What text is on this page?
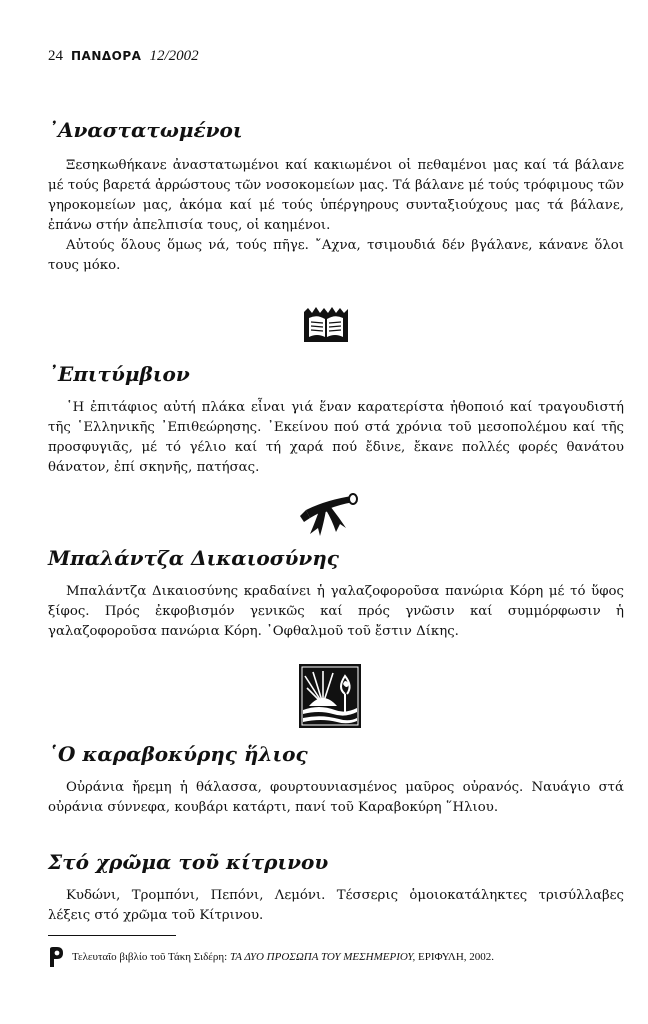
24 ΠΑΝΔΟΡΑ 12/2002
᾽Αναστατωμένοι

Ξεσηκωθήκανε ἀναστατωμένοι καί κακιωμένοι οἱ πεθαμένοι μας καί τά βάλανε μέ τούς βαρετά ἀρρώστους τῶν νοσοκομείων μας. Τά βάλανε μέ τούς τρόφιμους τῶν γηροκομείων μας, ἀκόμα καί μέ τούς ὑπέργηρους συνταξιούχους μας τά βάλανε, ἐπάνω στήν ἀπελπισία τους, οἱ καημένοι.

Αὐτούς ὅλους ὅμως νά, τούς πῆγε. ῎Αχνα, τσιμουδιά δέν βγάλανε, κάνανε ὅλοι τους μόκο.

᾽Επιτύμβιον

῾Η ἐπιτάφιος αὐτή πλάκα εἶναι γιά ἕναν καρατερίστα ἠθοποιό καί τραγουδιστή τῆς ῾Ελληνικῆς ᾽Επιθεώρησης. ᾽Εκείνου πού στά χρόνια τοῦ μεσοπολέμου καί τῆς προσφυγιᾶς, μέ τό γέλιο καί τή χαρά πού ἔδινε, ἔκανε πολλές φορές θανάτου θάνατον, ἐπί σκηνῆς, πατήσας.

Μπαλάντζα Δικαιοσύνης

Μπαλάντζα Δικαιοσύνης κραδαίνει ἡ γαλαζοφοροῦσα πανώρια Κόρη μέ τό ὕφος ξίφος. Πρός ἐκφοβισμόν γενικῶς καί πρός γνῶσιν καί συμμόρφωσιν ἡ γαλαζοφοροῦσα πανώρια Κόρη. ᾽Οφθαλμοῦ τοῦ ἔστιν Δίκης.

῾Ο καραβοκύρης ἥλιος

Οὐράνια ἤρεμη ἡ θάλασσα, φουρτουνιασμένος μαῦρος οὐρανός. Ναυάγιο στά οὐράνια σύννεφα, κουβάρι κατάρτι, πανί τοῦ Καραβοκύρη ῞Ηλιου.

Στό χρῶμα τοῦ κίτρινου

Κυδώνι, Τρομπόνι, Πεπόνι, Λεμόνι. Τέσσερις ὁμοιοκατάληκτες τρισύλλαβες λέξεις στό χρῶμα τοῦ Κίτρινου.

Τελευταῖο βιβλίο τοῦ Τάκη Σιδέρη: ΤΑ ΔΥΟ ΠΡΟΣΩΠΑ ΤΟΥ ΜΕΣΗΜΕΡΙΟΥ, ΕΡΙΦΥΛΗ, 2002.
